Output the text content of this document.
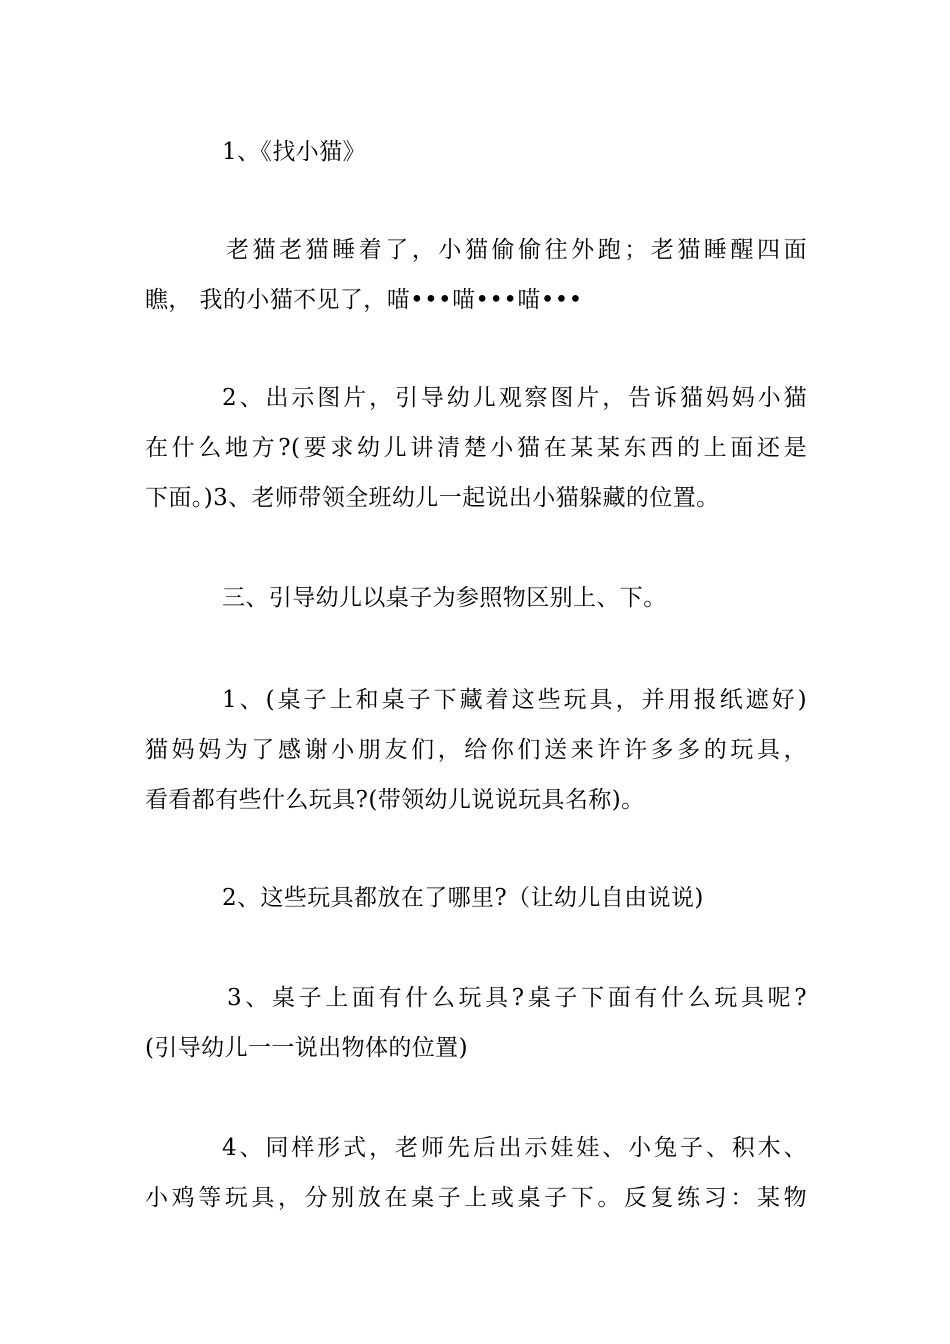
1、《找小猫》

老猫老猫睡着了，小猫偷偷往外跑；老猫睡醒四面
瞧， 我的小猫不见了，喵•••喵•••喵•••

2、出示图片，引导幼儿观察图片，告诉猫妈妈小猫
在什么地方?(要求幼儿讲清楚小猫在某某东西的上面还是
下面。)3、老师带领全班幼儿一起说出小猫躲藏的位置。

三、引导幼儿以桌子为参照物区别上、下。

1、(桌子上和桌子下藏着这些玩具，并用报纸遮好)
猫妈妈为了感谢小朋友们，给你们送来许许多多的玩具，
看看都有些什么玩具?(带领幼儿说说玩具名称)。

2、这些玩具都放在了哪里?（让幼儿自由说说)

3、桌子上面有什么玩具?桌子下面有什么玩具呢?
(引导幼儿一一说出物体的位置)

4、同样形式，老师先后出示娃娃、小兔子、积木、
小鸡等玩具，分别放在桌子上或桌子下。反复练习：某物
